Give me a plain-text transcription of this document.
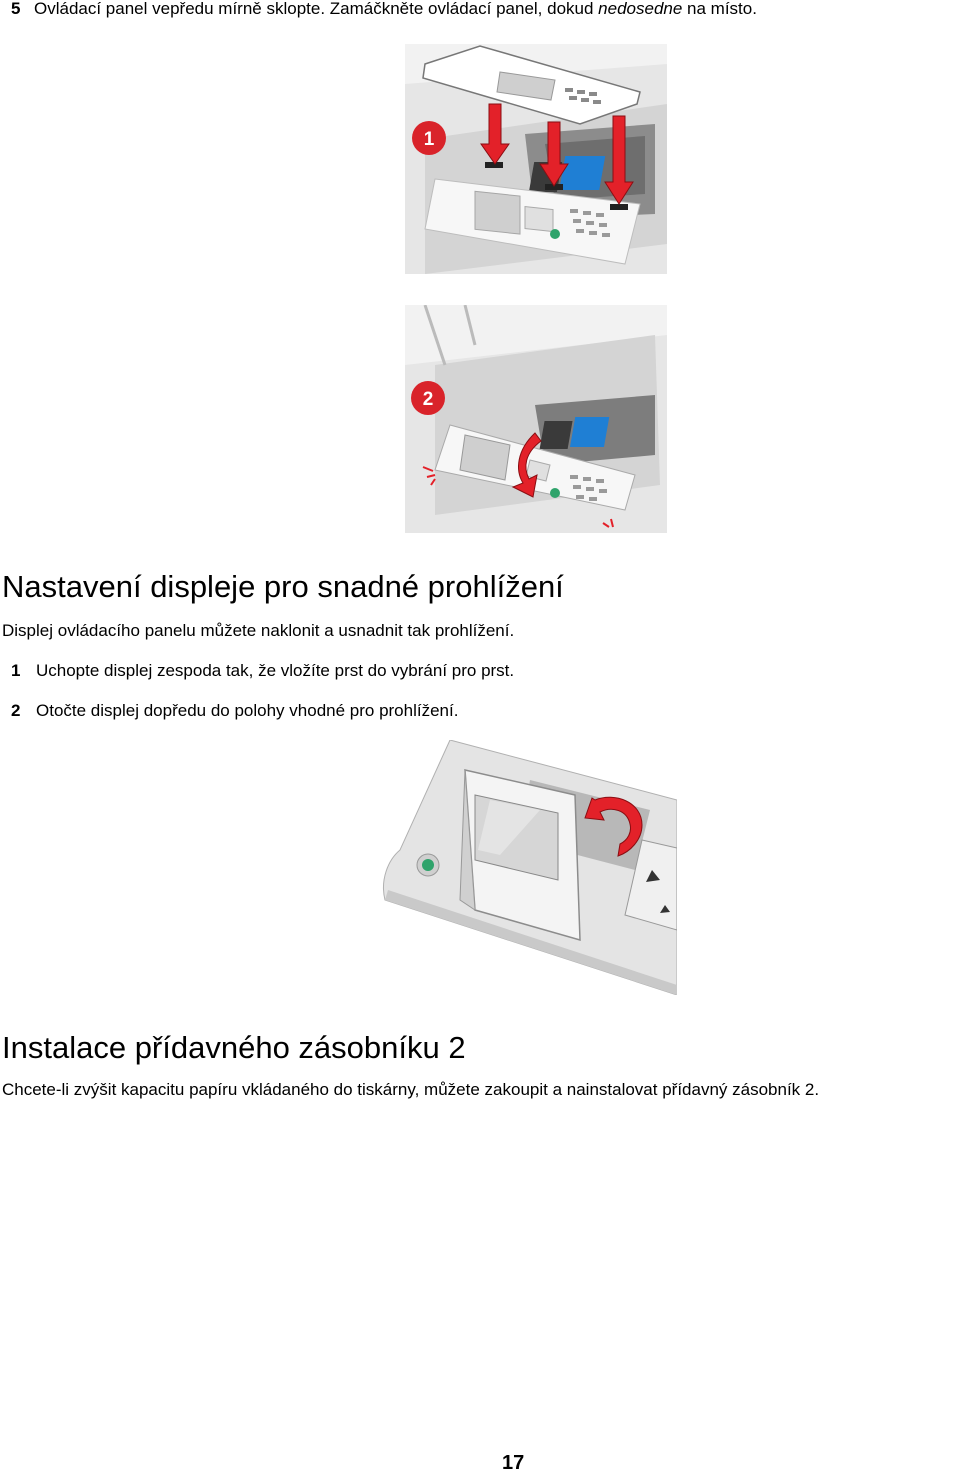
5 Ovládací panel vepředu mírně sklopte. Zamáčkněte ovládací panel, dokud nedosedne na místo.
1
2
Nastavení displeje pro snadné prohlížení
Displej ovládacího panelu můžete naklonit a usnadnit tak prohlížení.
1 Uchopte displej zespoda tak, že vložíte prst do vybrání pro prst.
2 Otočte displej dopředu do polohy vhodné pro prohlížení.
Instalace přídavného zásobníku 2
Chcete-li zvýšit kapacitu papíru vkládaného do tiskárny, můžete zakoupit a nainstalovat přídavný zásobník 2.
17
